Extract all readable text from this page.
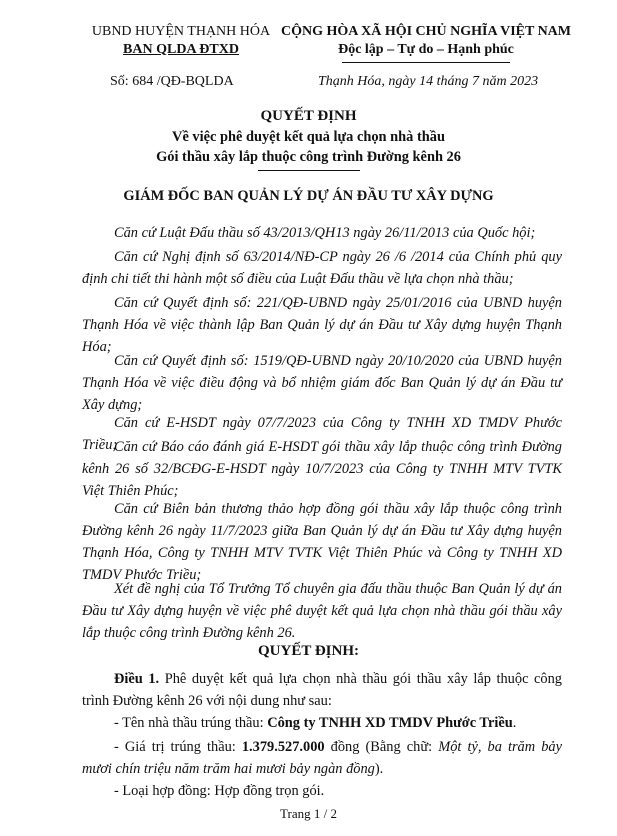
UBND HUYỆN THẠNH HÓA
BAN QLDA ĐTXD
CỘNG HÒA XÃ HỘI CHỦ NGHĨA VIỆT NAM
Độc lập – Tự do – Hạnh phúc
Số: 684 /QĐ-BQLDA	Thạnh Hóa, ngày 14 tháng 7 năm 2023
QUYẾT ĐỊNH
Về việc phê duyệt kết quả lựa chọn nhà thầu
Gói thầu xây lắp thuộc công trình Đường kênh 26
GIÁM ĐỐC BAN QUẢN LÝ DỰ ÁN ĐẦU TƯ XÂY DỰNG
Căn cứ Luật Đấu thầu số 43/2013/QH13 ngày 26/11/2013 của Quốc hội;
Căn cứ Nghị định số 63/2014/NĐ-CP ngày 26 /6 /2014 của Chính phủ quy định chi tiết thi hành một số điều của Luật Đấu thầu về lựa chọn nhà thầu;
Căn cứ Quyết định số: 221/QĐ-UBND ngày 25/01/2016 của UBND huyện Thạnh Hóa về việc thành lập Ban Quản lý dự án Đầu tư Xây dựng huyện Thạnh Hóa;
Căn cứ Quyết định số: 1519/QĐ-UBND ngày 20/10/2020 của UBND huyện Thạnh Hóa về việc điều động và bổ nhiệm giám đốc Ban Quản lý dự án Đầu tư Xây dựng;
Căn cứ E-HSDT ngày 07/7/2023 của Công ty TNHH XD TMDV Phước Triều;
Căn cứ Báo cáo đánh giá E-HSDT gói thầu xây lắp thuộc công trình Đường kênh 26 số 32/BCĐG-E-HSDT ngày 10/7/2023 của Công ty TNHH MTV TVTK Việt Thiên Phúc;
Căn cứ Biên bản thương thảo hợp đồng gói thầu xây lắp thuộc công trình Đường kênh 26 ngày 11/7/2023 giữa Ban Quản lý dự án Đầu tư Xây dựng huyện Thạnh Hóa, Công ty TNHH MTV TVTK Việt Thiên Phúc và Công ty TNHH XD TMDV Phước Triều;
Xét đề nghị của Tổ Trưởng Tổ chuyên gia đấu thầu thuộc Ban Quản lý dự án Đầu tư Xây dựng huyện về việc phê duyệt kết quả lựa chọn nhà thầu gói thầu xây lắp thuộc công trình Đường kênh 26.
QUYẾT ĐỊNH:
Điều 1. Phê duyệt kết quả lựa chọn nhà thầu gói thầu xây lắp thuộc công trình Đường kênh 26 với nội dung như sau:
- Tên nhà thầu trúng thầu: Công ty TNHH XD TMDV Phước Triều.
- Giá trị trúng thầu: 1.379.527.000 đồng (Bằng chữ: Một tỷ, ba trăm bảy mươi chín triệu năm trăm hai mươi bảy ngàn đồng).
- Loại hợp đồng: Hợp đồng trọn gói.
Trang 1 / 2
